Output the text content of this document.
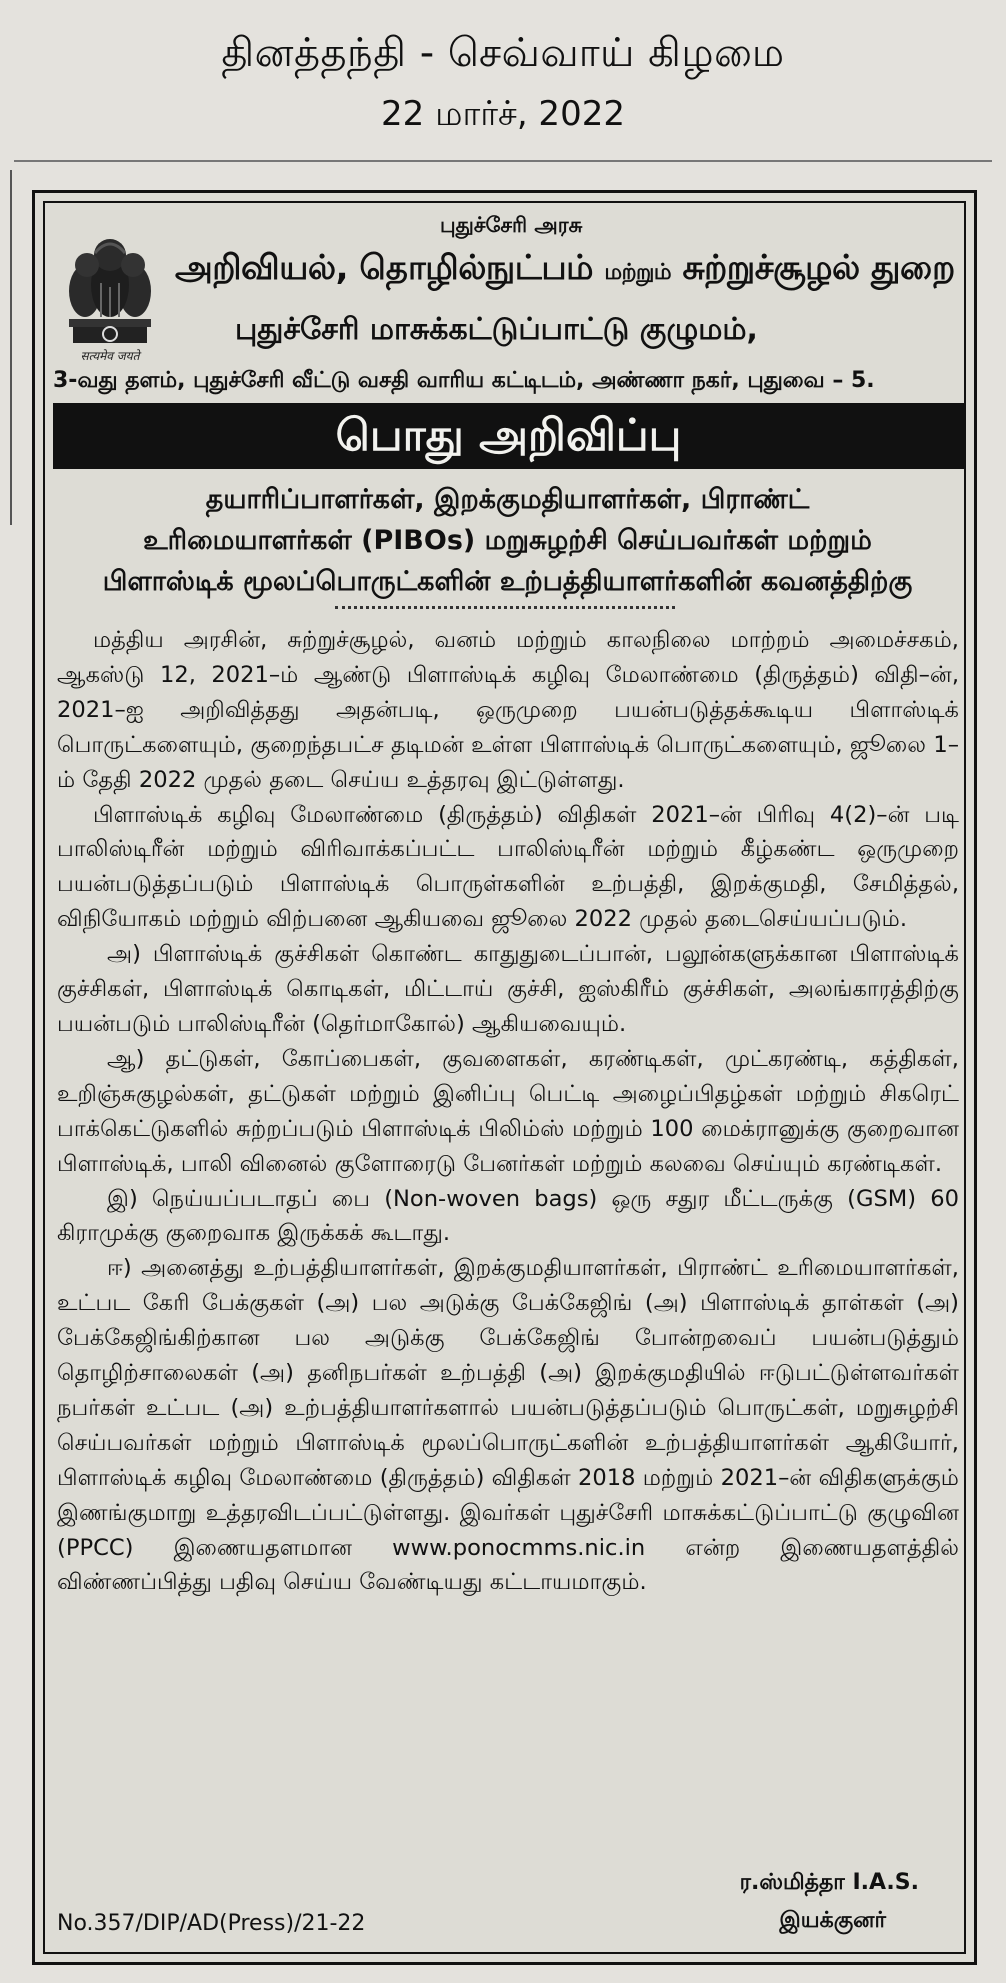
தினத்தந்தி - செவ்வாய் கிழமை
22 மார்ச், 2022
सत्यमेव जयते
புதுச்சேரி அரசு
அறிவியல், தொழில்நுட்பம் மற்றும் சுற்றுச்சூழல் துறை
புதுச்சேரி மாசுக்கட்டுப்பாட்டு குழுமம்,
3-வது தளம், புதுச்சேரி வீட்டு வசதி வாரிய கட்டிடம், அண்ணா நகர், புதுவை – 5.
பொது அறிவிப்பு
தயாரிப்பாளர்கள், இறக்குமதியாளர்கள், பிராண்ட்
உரிமையாளர்கள் (PIBOs) மறுசுழற்சி செய்பவர்கள் மற்றும்
பிளாஸ்டிக் மூலப்பொருட்களின் உற்பத்தியாளர்களின் கவனத்திற்கு

மத்திய அரசின், சுற்றுச்சூழல், வனம் மற்றும் காலநிலை மாற்றம் அமைச்சகம், ஆகஸ்டு 12, 2021–ம் ஆண்டு பிளாஸ்டிக் கழிவு மேலாண்மை (திருத்தம்) விதி–ன், 2021–ஐ அறிவித்தது அதன்படி, ஒருமுறை பயன்படுத்தக்கூடிய பிளாஸ்டிக் பொருட்களையும், குறைந்தபட்ச தடிமன் உள்ள பிளாஸ்டிக் பொருட்களையும், ஜூலை 1–ம் தேதி 2022 முதல் தடை செய்ய உத்தரவு இட்டுள்ளது.

பிளாஸ்டிக் கழிவு மேலாண்மை (திருத்தம்) விதிகள் 2021–ன் பிரிவு 4(2)–ன் படி பாலிஸ்டிரீன் மற்றும் விரிவாக்கப்பட்ட பாலிஸ்டிரீன் மற்றும் கீழ்கண்ட ஒருமுறை பயன்படுத்தப்படும் பிளாஸ்டிக் பொருள்களின் உற்பத்தி, இறக்குமதி, சேமித்தல், விநியோகம் மற்றும் விற்பனை ஆகியவை ஜூலை 2022 முதல் தடைசெய்யப்படும்.

அ) பிளாஸ்டிக் குச்சிகள் கொண்ட காதுதுடைப்பான், பலூன்களுக்கான பிளாஸ்டிக் குச்சிகள், பிளாஸ்டிக் கொடிகள், மிட்டாய் குச்சி, ஐஸ்கிரீம் குச்சிகள், அலங்காரத்திற்கு பயன்படும் பாலிஸ்டிரீன் (தெர்மாகோல்) ஆகியவையும்.

ஆ) தட்டுகள், கோப்பைகள், குவளைகள், கரண்டிகள், முட்கரண்டி, கத்திகள், உறிஞ்சுகுழல்கள், தட்டுகள் மற்றும் இனிப்பு பெட்டி அழைப்பிதழ்கள் மற்றும் சிகரெட் பாக்கெட்டுகளில் சுற்றப்படும் பிளாஸ்டிக் பிலிம்ஸ் மற்றும் 100 மைக்ரானுக்கு குறைவான பிளாஸ்டிக், பாலி வினைல் குளோரைடு பேனர்கள் மற்றும் கலவை செய்யும் கரண்டிகள்.

இ) நெய்யப்படாதப் பை (Non-woven bags) ஒரு சதுர மீட்டருக்கு (GSM) 60 கிராமுக்கு குறைவாக இருக்கக் கூடாது.

ஈ) அனைத்து உற்பத்தியாளர்கள், இறக்குமதியாளர்கள், பிராண்ட் உரிமையாளர்கள், உட்பட கேரி பேக்குகள் (அ) பல அடுக்கு பேக்கேஜிங் (அ) பிளாஸ்டிக் தாள்கள் (அ) பேக்கேஜிங்கிற்கான பல அடுக்கு பேக்கேஜிங் போன்றவைப் பயன்படுத்தும் தொழிற்சாலைகள் (அ) தனிநபர்கள் உற்பத்தி (அ) இறக்குமதியில் ஈடுபட்டுள்ளவர்கள் நபர்கள் உட்பட (அ) உற்பத்தியாளர்களால் பயன்படுத்தப்படும் பொருட்கள், மறுசுழற்சி செய்பவர்கள் மற்றும் பிளாஸ்டிக் மூலப்பொருட்களின் உற்பத்தியாளர்கள் ஆகியோர், பிளாஸ்டிக் கழிவு மேலாண்மை (திருத்தம்) விதிகள் 2018 மற்றும் 2021–ன் விதிகளுக்கும் இணங்குமாறு உத்தரவிடப்பட்டுள்ளது. இவர்கள் புதுச்சேரி மாசுக்கட்டுப்பாட்டு குழுவின (PPCC) இணையதளமான www.ponocmms.nic.in என்ற இணையதளத்தில் விண்ணப்பித்து பதிவு செய்ய வேண்டியது கட்டாயமாகும்.

ர.ஸ்மித்தா I.A.S.
இயக்குனர்
No.357/DIP/AD(Press)/21-22
